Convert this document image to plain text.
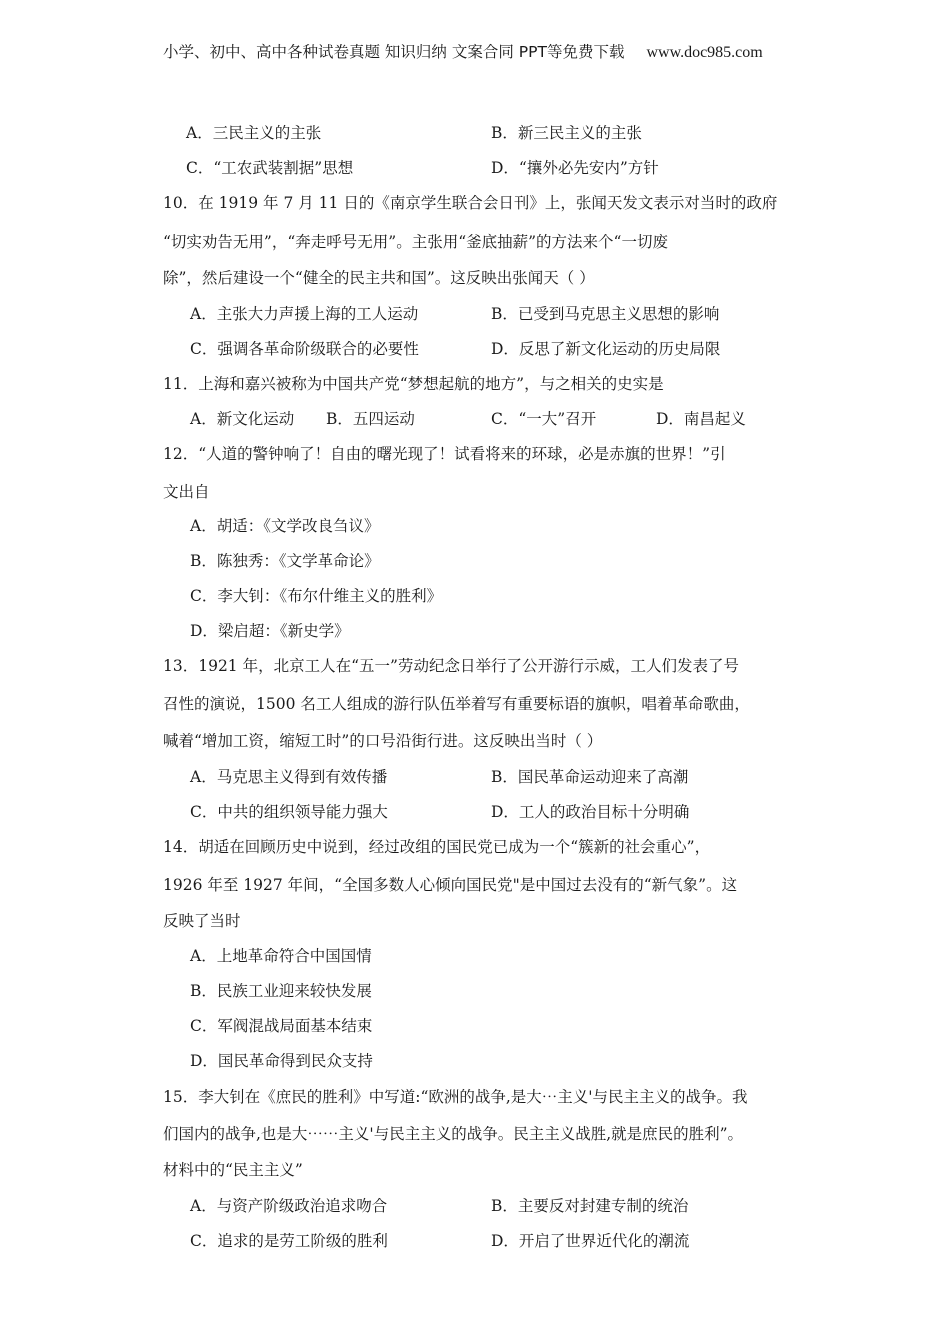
小学、初中、高中各种试卷真题 知识归纳 文案合同 PPT等免费下载 www.doc985.com
A．三民主义的主张	B．新三民主义的主张
C．“工农武装割据”思想	D．“攘外必先安内”方针
10．在 1919 年 7 月 11 日的《南京学生联合会日刊》上，张闻天发文表示对当时的政府
“切实劝告无用”，“奔走呼号无用”。主张用“釜底抽薪”的方法来个“一切废
除”，然后建设一个“健全的民主共和国”。这反映出张闻天（ ）
A．主张大力声援上海的工人运动	B．已受到马克思主义思想的影响
C．强调各革命阶级联合的必要性	D．反思了新文化运动的历史局限
11．上海和嘉兴被称为中国共产党“梦想起航的地方”，与之相关的史实是
A．新文化运动 B．五四运动	C．“一大”召开	D．南昌起义
12．“人道的警钟响了！自由的曙光现了！试看将来的环球，必是赤旗的世界！”引
文出自
A．胡适：《文学改良刍议》
B．陈独秀：《文学革命论》
C．李大钊：《布尔什维主义的胜利》
D．梁启超：《新史学》
13．1921 年，北京工人在“五一”劳动纪念日举行了公开游行示威，工人们发表了号
召性的演说，1500 名工人组成的游行队伍举着写有重要标语的旗帜，唱着革命歌曲，
喊着“增加工资，缩短工时”的口号沿街行进。这反映出当时（ ）
A．马克思主义得到有效传播	B．国民革命运动迎来了高潮
C．中共的组织领导能力强大	D．工人的政治目标十分明确
14．胡适在回顾历史中说到，经过改组的国民党已成为一个“簇新的社会重心”，
1926 年至 1927 年间，“全国多数人心倾向国民党"是中国过去没有的“新气象”。这
反映了当时
A．上地革命符合中国国情
B．民族工业迎来较快发展
C．军阀混战局面基本结束
D．国民革命得到民众支持
15．李大钊在《庶民的胜利》中写道:“欧洲的战争,是大⋯主义'与民主主义的战争。我
们国内的战争,也是大⋯⋯主义'与民主主义的战争。民主主义战胜,就是庶民的胜利”。
材料中的“民主主义”
A．与资产阶级政治追求吻合	B．主要反对封建专制的统治
C．追求的是劳工阶级的胜利	D．开启了世界近代化的潮流
